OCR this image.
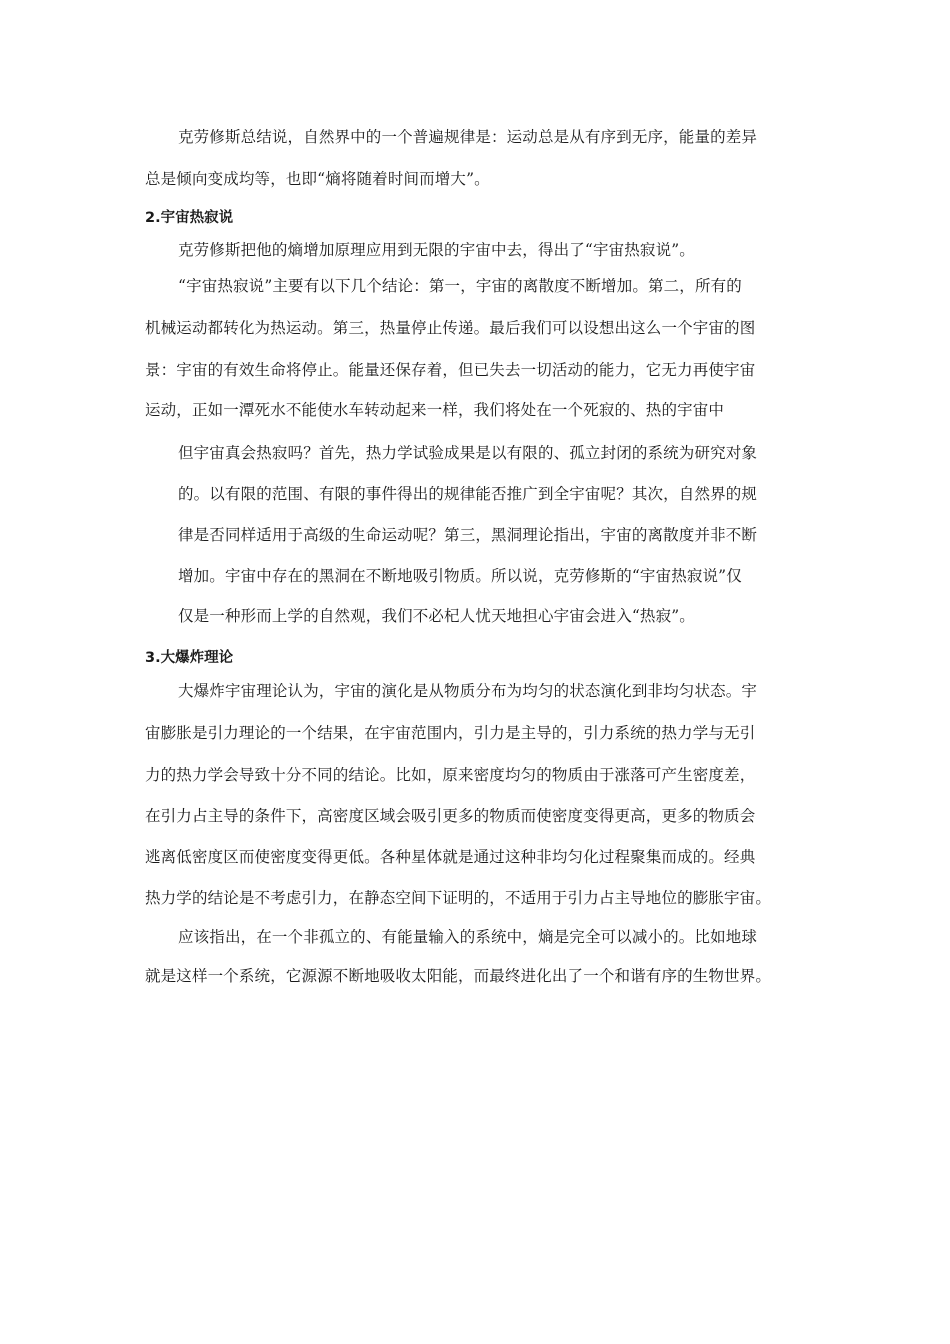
克劳修斯总结说，自然界中的一个普遍规律是：运动总是从有序到无序，能量的差异
总是倾向变成均等，也即“熵将随着时间而增大”。
2.宇宙热寂说
克劳修斯把他的熵增加原理应用到无限的宇宙中去，得出了“宇宙热寂说”。
“宇宙热寂说”主要有以下几个结论：第一，宇宙的离散度不断增加。第二，所有的
机械运动都转化为热运动。第三，热量停止传递。最后我们可以设想出这么一个宇宙的图
景：宇宙的有效生命将停止。能量还保存着，但已失去一切活动的能力，它无力再使宇宙
运动，正如一潭死水不能使水车转动起来一样，我们将处在一个死寂的、热的宇宙中
但宇宙真会热寂吗？首先，热力学试验成果是以有限的、孤立封闭的系统为研究对象
的。以有限的范围、有限的事件得出的规律能否推广到全宇宙呢？其次，自然界的规
律是否同样适用于高级的生命运动呢？第三，黑洞理论指出，宇宙的离散度并非不断
增加。宇宙中存在的黑洞在不断地吸引物质。所以说，克劳修斯的“宇宙热寂说”仅
仅是一种形而上学的自然观，我们不必杞人忧天地担心宇宙会进入“热寂”。
3.大爆炸理论
大爆炸宇宙理论认为，宇宙的演化是从物质分布为均匀的状态演化到非均匀状态。宇
宙膨胀是引力理论的一个结果，在宇宙范围内，引力是主导的，引力系统的热力学与无引
力的热力学会导致十分不同的结论。比如，原来密度均匀的物质由于涨落可产生密度差，
在引力占主导的条件下，高密度区域会吸引更多的物质而使密度变得更高，更多的物质会
逃离低密度区而使密度变得更低。各种星体就是通过这种非均匀化过程聚集而成的。经典
热力学的结论是不考虑引力，在静态空间下证明的，不适用于引力占主导地位的膨胀宇宙。
应该指出，在一个非孤立的、有能量输入的系统中，熵是完全可以减小的。比如地球
就是这样一个系统，它源源不断地吸收太阳能，而最终进化出了一个和谐有序的生物世界。
